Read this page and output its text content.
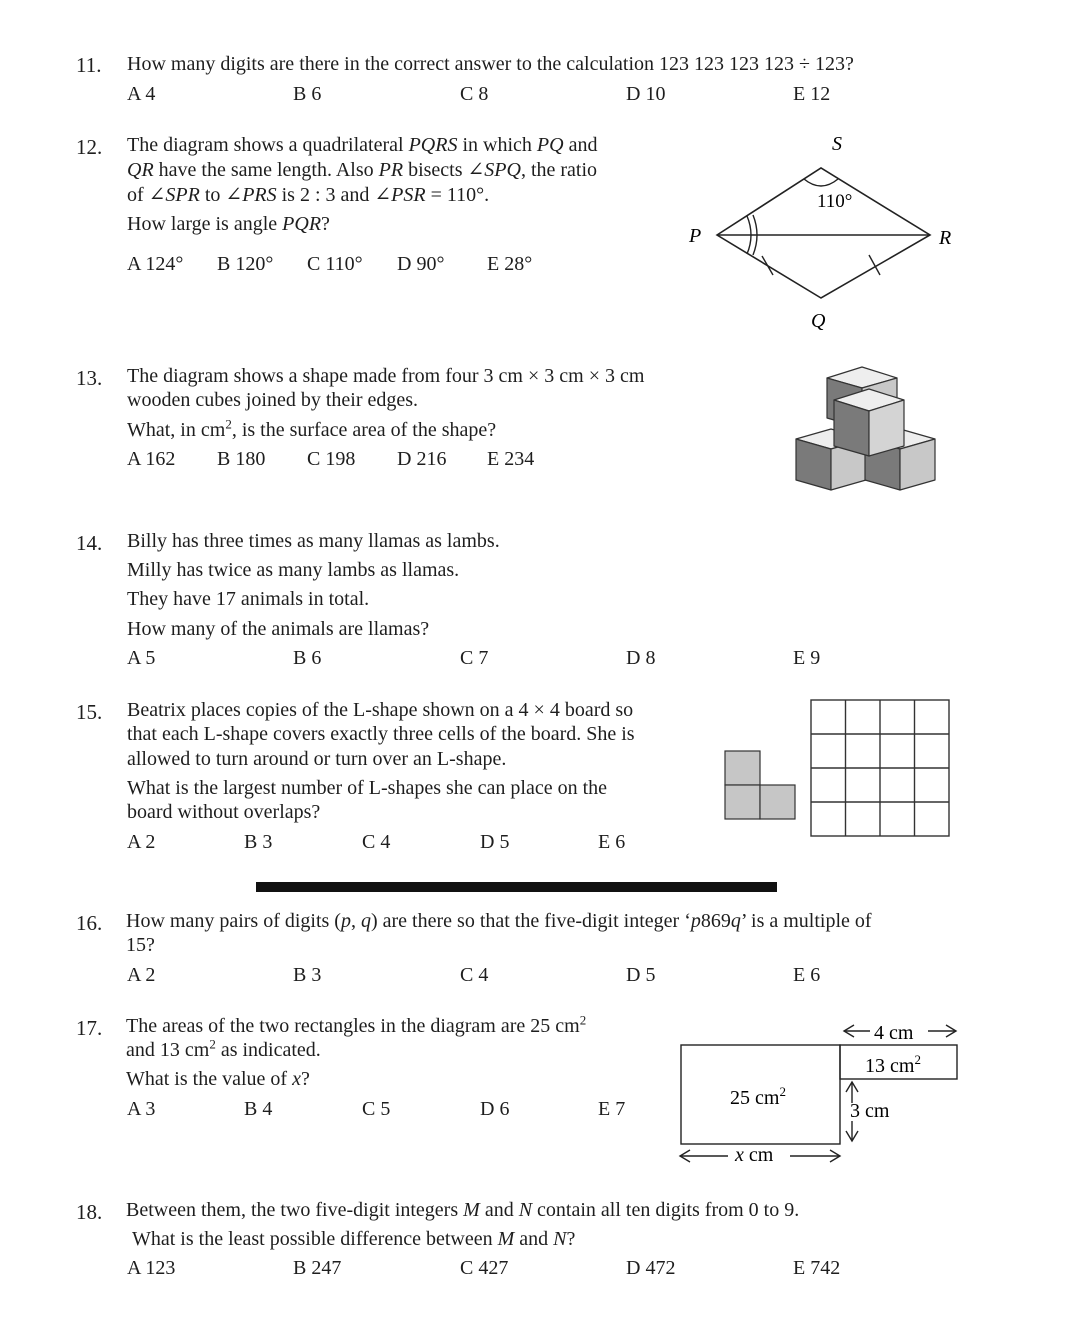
11. How many digits are there in the correct answer to the calculation 123 123 123 123 ÷ 123?
A 4	B 6	C 8	D 10	E 12
12. The diagram shows a quadrilateral PQRS in which PQ and
QR have the same length. Also PR bisects ∠SPQ, the ratio
of ∠SPR to ∠PRS is 2 : 3 and ∠PSR = 110°.
How large is angle PQR?
A 124° B 120° C 110° D 90° E 28°
S
P	R
Q
110°
13. The diagram shows a shape made from four 3 cm × 3 cm × 3 cm
wooden cubes joined by their edges.
What, in $cm^2$, is the surface area of the shape?
A 162 B 180 C 198 D 216 E 234
14. Billy has three times as many llamas as lambs.
Milly has twice as many lambs as llamas.
They have 17 animals in total.
How many of the animals are llamas?
A 5	B 6	C 7	D 8	E 9
15. Beatrix places copies of the L-shape shown on a 4 × 4 board so
that each L-shape covers exactly three cells of the board. She is
allowed to turn around or turn over an L-shape.
What is the largest number of L-shapes she can place on the
board without overlaps?
A 2	B 3	C 4	D 5	E 6
16. How many pairs of digits (p, q) are there so that the five-digit integer ‘p869q’ is a multiple of
15?
A 2	B 3	C 4	D 5	E 6
17. The areas of the two rectangles in the diagram are 25 $cm^2$
and 13 $cm^2$ as indicated.
What is the value of x?
A 3	B 4	C 5	D 6	E 7
4 cm
13 $cm^2$
25 $cm^2$
3 cm
x cm
18. Between them, the two five-digit integers M and N contain all ten digits from 0 to 9.
What is the least possible difference between M and N?
A 123	B 247	C 427	D 472	E 742
